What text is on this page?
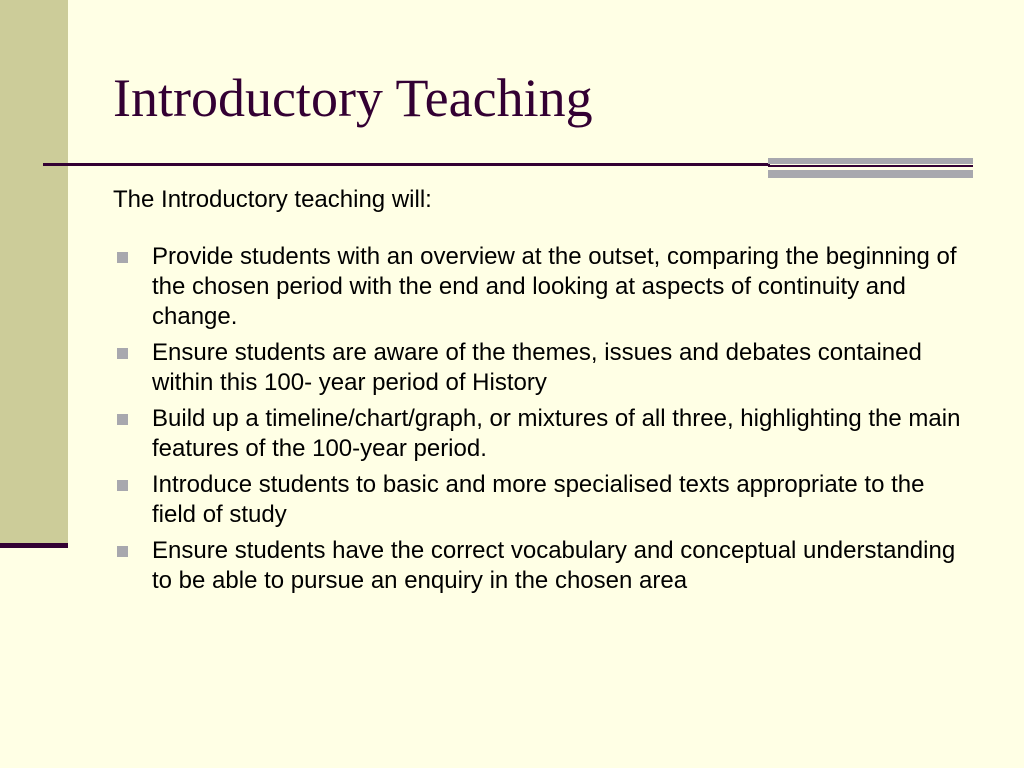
Introductory Teaching

The Introductory teaching will:

Provide students with an overview at the outset, comparing the beginning of the chosen period with the end and looking at aspects of continuity and change.
Ensure students are aware of the themes, issues and debates contained within this 100- year period of History
Build up a timeline/chart/graph, or mixtures of all three, highlighting the main features of the 100-year period.
Introduce students to basic and more specialised texts appropriate to the field of study
Ensure students have the correct vocabulary and conceptual understanding to be able to pursue an enquiry in the chosen area
